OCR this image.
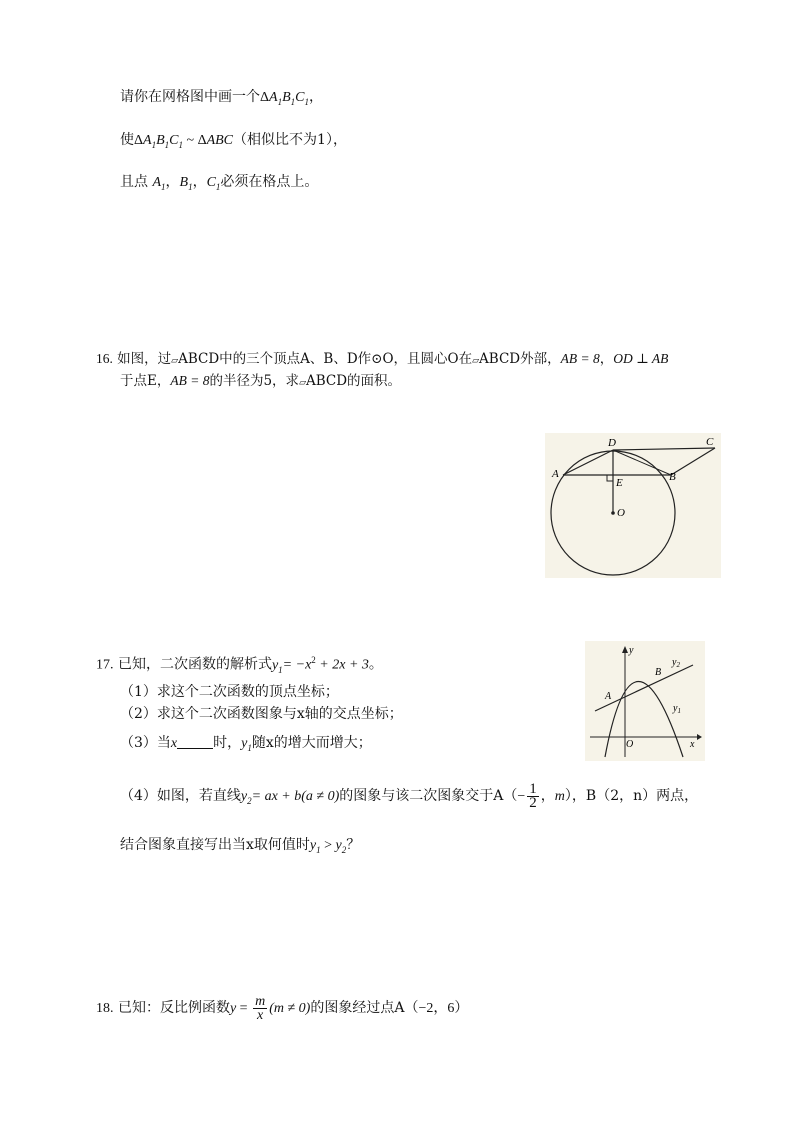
请你在网格图中画一个$\Delta A_1B_1C_1$，
使$\Delta A_1B_1C_1$ ~ ΔABC（相似比不为1），
且点 $A_1$，$B_1$，$C_1$必须在格点上。
16. 如图，过▱ABCD中的三个顶点A、B、D作⊙O，且圆心O在▱ABCD外部，AB = 8，OD ⊥ AB
于点E，AB = 8的半径为5，求▱ABCD的面积。
D	C
A	B
E
O
17. 已知，二次函数的解析式$y_1= -x^2 + 2x + 3$。
（1）求这个二次函数的顶点坐标；
（2）求这个二次函数图象与x轴的交点坐标；
（3）当x	时，$y_1$随x的增大而增大；
（4）如图，若直线$y_2=$ ax + b(a ≠ 0)的图象与该二次图象交于$A(- \frac{1}{2}$ ，m），B（2，n）两点，
结合图象直接写出当x取何值时$y_1 > y_2$？
y
x
O
A
B
$y_2$
$y_1$
18. 已知：反比例函数$y = \frac{m}{x} (m \ne 0)$的图象经过点A（−2，6）
